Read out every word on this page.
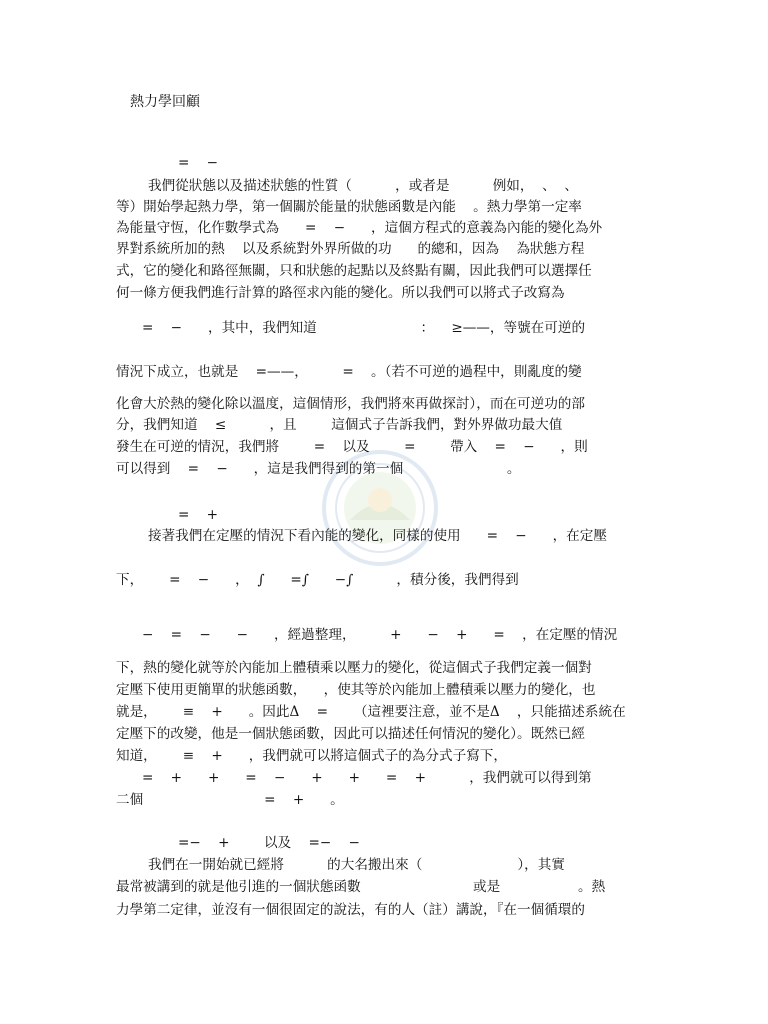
熱力學回顧
=    −
我們從狀態以及描述狀態的性質（          ，或者是          例如，  、  、
等）開始學起熱力學，第一個關於能量的狀態函數是內能    。熱力學第一定率
為能量守恆，化作數學式為      =    −      ，這個方程式的意義為內能的變化為外
界對系統所加的熱    以及系統對外界所做的功      的總和，因為    為狀態方程
式，它的變化和路徑無關，只和狀態的起點以及終點有關，因此我們可以選擇任
何一條方便我們進行計算的路徑求內能的變化。所以我們可以將式子改寫為
=    −      ，其中，我們知道                        ：    ≥——，等號在可逆的
情況下成立，也就是    =——，        =    。（若不可逆的過程中，則亂度的變
化會大於熱的變化除以溫度，這個情形，我們將來再做探討），而在可逆功的部
分，我們知道    ≤          ，且        這個式子告訴我們，對外界做功最大值
發生在可逆的情況，我們將        =    以及        =        帶入    =    −      ，則
可以得到    =    −      ，這是我們得到的第一個                        。
=    +
接著我們在定壓的情況下看內能的變化，同樣的使用      =    −      ，在定壓
下，      =    −      ，  ∫      =∫      −∫          ，積分後，我們得到
−    =    −      −      ，經過整理，        +      −    +      =    ，在定壓的情況
下，熱的變化就等於內能加上體積乘以壓力的變化，從這個式子我們定義一個對
定壓下使用更簡單的狀態函數，    ，使其等於內能加上體積乘以壓力的變化，也
就是，      ≡    +      。因此Δ    =      （這裡要注意，並不是Δ    ，只能描述系統在
定壓下的改變，他是一個狀態函數，因此可以描述任何情況的變化）。既然已經
知道，      ≡    +      ，我們就可以將這個式子的為分式子寫下，
=    +      +      =    −      +      +      =    +          ，我們就可以得到第
二個                            =    +      。
=−    +        以及    =−    −
我們在一開始就已經將          的大名搬出來（                      ），其實
最常被講到的就是他引進的一個狀態函數                          或是                  。熱
力學第二定律，並沒有一個很固定的說法，有的人（註）講說，『在一個循環的
